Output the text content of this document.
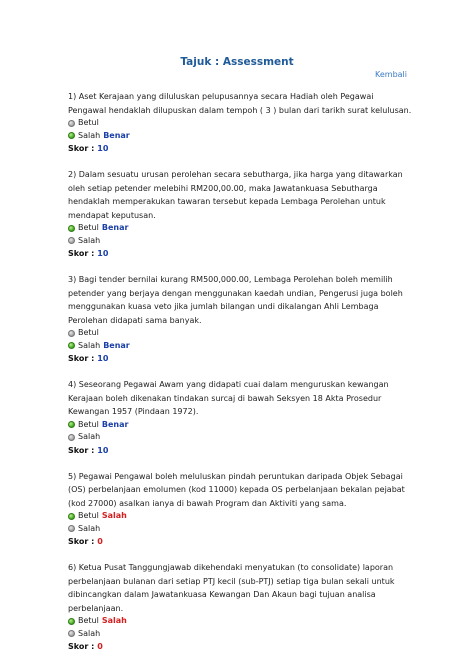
Tajuk : Assessment
Kembali
1) Aset Kerajaan yang diluluskan pelupusannya secara Hadiah oleh Pegawai Pengawal hendaklah dilupuskan dalam tempoh ( 3 ) bulan dari tarikh surat kelulusan.
Betul
Salah Benar
Skor : 10
2) Dalam sesuatu urusan perolehan secara sebutharga, jika harga yang ditawarkan oleh setiap petender melebihi RM200,00.00, maka Jawatankuasa Sebutharga hendaklah memperakukan tawaran tersebut kepada Lembaga Perolehan untuk mendapat keputusan.
Betul Benar
Salah
Skor : 10
3) Bagi tender bernilai kurang RM500,000.00, Lembaga Perolehan boleh memilih petender yang berjaya dengan menggunakan kaedah undian, Pengerusi juga boleh menggunakan kuasa veto jika jumlah bilangan undi dikalangan Ahli Lembaga Perolehan didapati sama banyak.
Betul
Salah Benar
Skor : 10
4) Seseorang Pegawai Awam yang didapati cuai dalam menguruskan kewangan Kerajaan boleh dikenakan tindakan surcaj di bawah Seksyen 18 Akta Prosedur Kewangan 1957 (Pindaan 1972).
Betul Benar
Salah
Skor : 10
5) Pegawai Pengawal boleh meluluskan pindah peruntukan daripada Objek Sebagai (OS) perbelanjaan emolumen (kod 11000) kepada OS perbelanjaan bekalan pejabat (kod 27000) asalkan ianya di bawah Program dan Aktiviti yang sama.
Betul Salah
Salah
Skor : 0
6) Ketua Pusat Tanggungjawab dikehendaki menyatukan (to consolidate) laporan perbelanjaan bulanan dari setiap PTJ kecil (sub-PTJ) setiap tiga bulan sekali untuk dibincangkan dalam Jawatankuasa Kewangan Dan Akaun bagi tujuan analisa perbelanjaan.
Betul Salah
Salah
Skor : 0
